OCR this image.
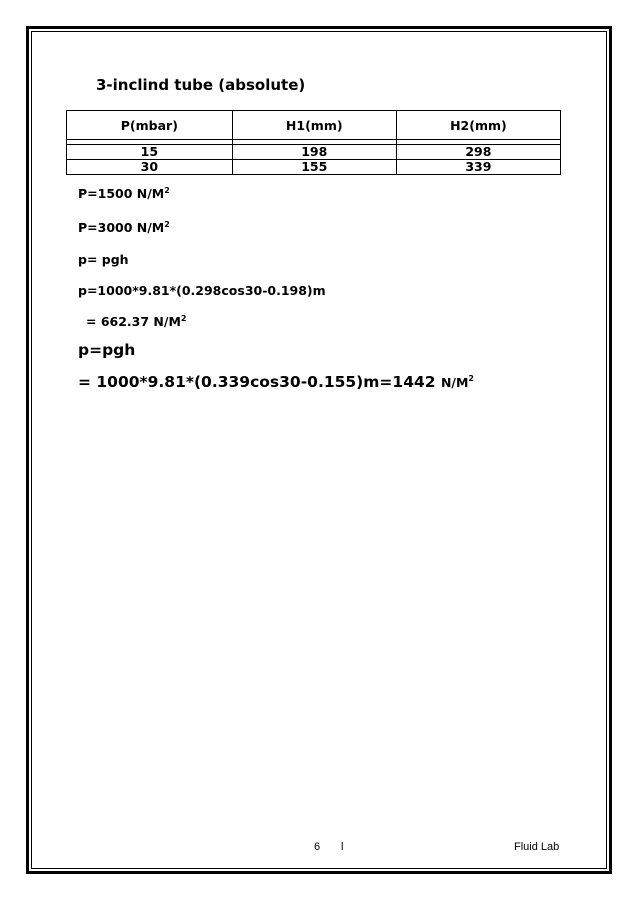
3-inclind tube (absolute)
P(mbar)	H1(mm)	H2(mm)

15	198	298
30	155	339
P=1500 $N/M^2$
P=3000 $N/M^2$
p= pgh
p=1000*9.81*(0.298cos30-0.198)m
= 662.37 $N/M^2$
p=pgh
= 1000*9.81*(0.339cos30-0.155)m=1442 $N/M^2$
6 l	Fluid Lab
